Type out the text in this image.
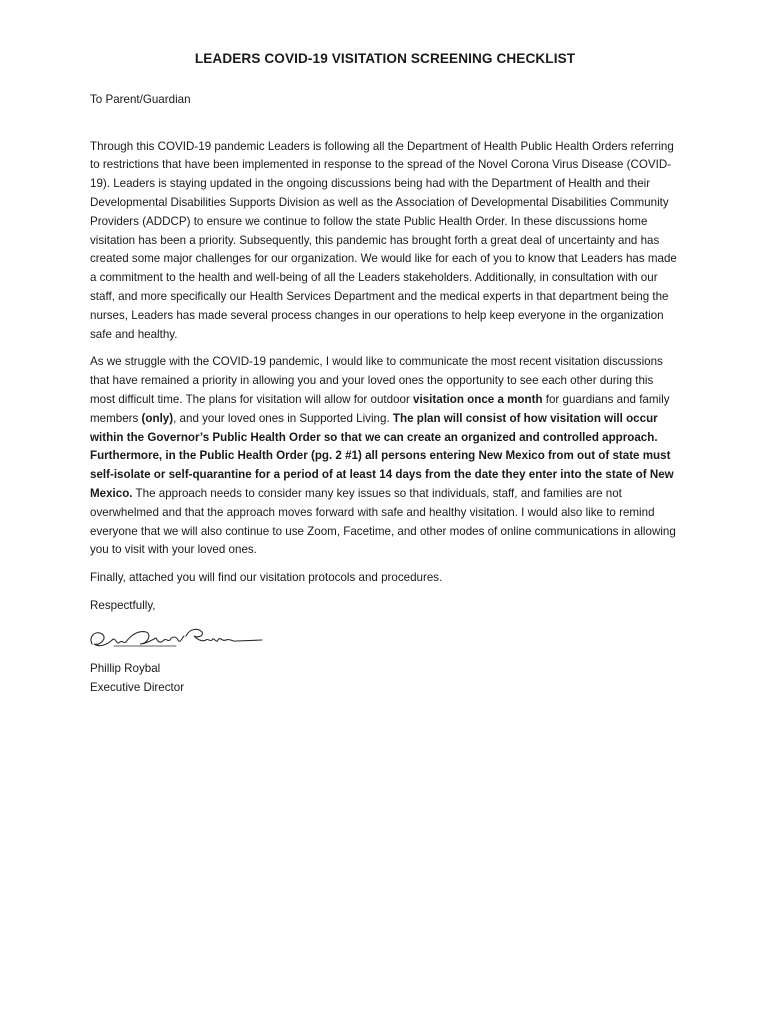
LEADERS COVID-19 VISITATION SCREENING CHECKLIST

To Parent/Guardian

Through this COVID-19 pandemic Leaders is following all the Department of Health Public Health Orders referring to restrictions that have been implemented in response to the spread of the Novel Corona Virus Disease (COVID-19). Leaders is staying updated in the ongoing discussions being had with the Department of Health and their Developmental Disabilities Supports Division as well as the Association of Developmental Disabilities Community Providers (ADDCP) to ensure we continue to follow the state Public Health Order. In these discussions home visitation has been a priority. Subsequently, this pandemic has brought forth a great deal of uncertainty and has created some major challenges for our organization. We would like for each of you to know that Leaders has made a commitment to the health and well-being of all the Leaders stakeholders. Additionally, in consultation with our staff, and more specifically our Health Services Department and the medical experts in that department being the nurses, Leaders has made several process changes in our operations to help keep everyone in the organization safe and healthy.

As we struggle with the COVID-19 pandemic, I would like to communicate the most recent visitation discussions that have remained a priority in allowing you and your loved ones the opportunity to see each other during this most difficult time. The plans for visitation will allow for outdoor visitation once a month for guardians and family members (only), and your loved ones in Supported Living. The plan will consist of how visitation will occur within the Governor’s Public Health Order so that we can create an organized and controlled approach. Furthermore, in the Public Health Order (pg. 2 #1) all persons entering New Mexico from out of state must self-isolate or self-quarantine for a period of at least 14 days from the date they enter into the state of New Mexico. The approach needs to consider many key issues so that individuals, staff, and families are not overwhelmed and that the approach moves forward with safe and healthy visitation. I would also like to remind everyone that we will also continue to use Zoom, Facetime, and other modes of online communications in allowing you to visit with your loved ones.

Finally, attached you will find our visitation protocols and procedures.

Respectfully,

Phillip Roybal

Executive Director
